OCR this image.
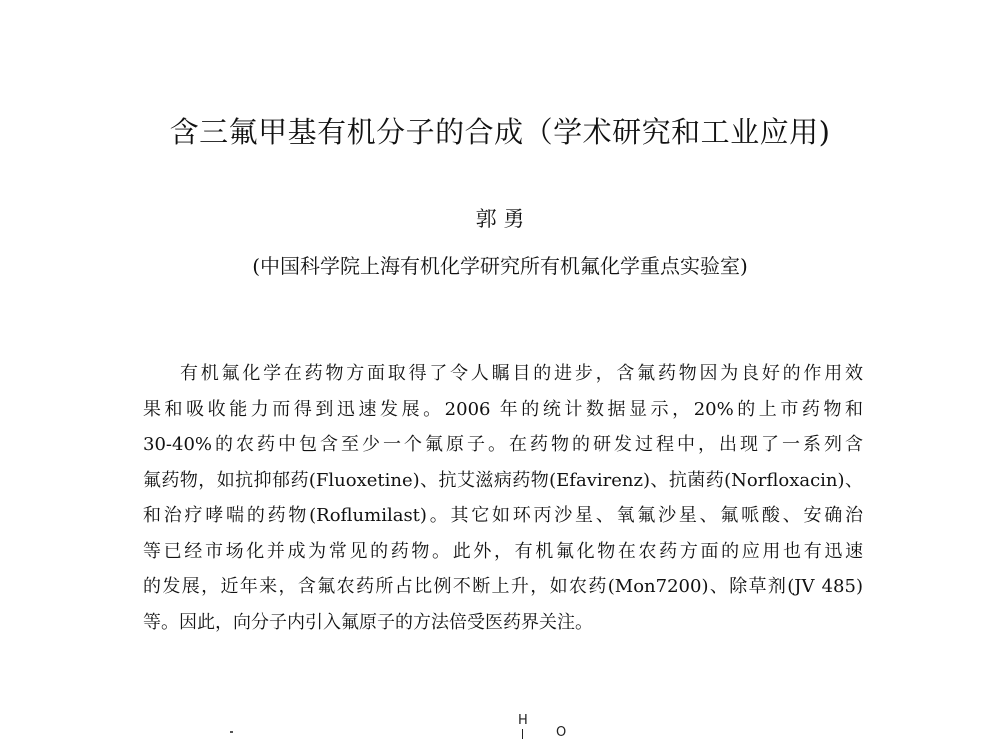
含三氟甲基有机分子的合成（学术研究和工业应用)
郭 勇
(中国科学院上海有机化学研究所有机氟化学重点实验室)
有机氟化学在药物方面取得了令人瞩目的进步，含氟药物因为良好的作用效
果和吸收能力而得到迅速发展。2006 年的统计数据显示，20%的上市药物和
30-40%的农药中包含至少一个氟原子。在药物的研发过程中，出现了一系列含
氟药物，如抗抑郁药(Fluoxetine)、抗艾滋病药物(Efavirenz)、抗菌药(Norfloxacin)、
和治疗哮喘的药物(Roflumilast)。其它如环丙沙星、氧氟沙星、氟哌酸、安确治
等已经市场化并成为常见的药物。此外，有机氟化物在农药方面的应用也有迅速
的发展，近年来，含氟农药所占比例不断上升，如农药(Mon7200)、除草剂(JV 485)
等。因此，向分子内引入氟原子的方法倍受医药界关注。
H
O
